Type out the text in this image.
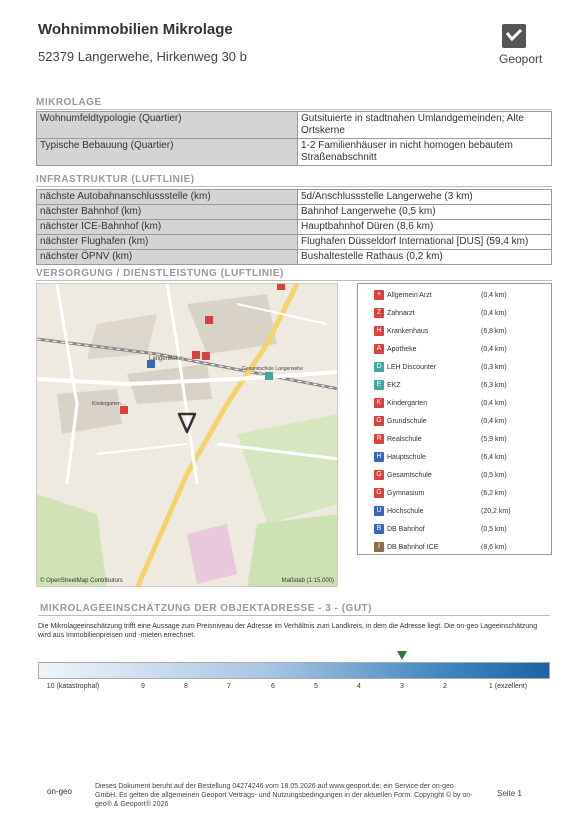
Wohnimmobilien Mikrolage
52379 Langerwehe, Hirkenweg 30 b	Geoport
MIKROLAGE
Wohnumfeldtypologie (Quartier)	Gutsituierte in stadtnahen Umlandgemeinden; Alte Ortskerne
Typische Bebauung (Quartier)	1-2 Familienhäuser in nicht homogen bebautem Straßenabschnitt
INFRASTRUKTUR (LUFTLINIE)
nächste Autobahnanschlussstelle (km)	5d/Anschlussstelle Langerwehe (3 km)
nächster Bahnhof (km)	Bahnhof Langerwehe (0,5 km)
nächster ICE-Bahnhof (km)	Hauptbahnhof Düren (8,6 km)
nächster Flughafen (km)	Flughafen Düsseldorf International [DUS] (59,4 km)
nächster ÖPNV (km)	Bushaltestelle Rathaus (0,2 km)
VERSORGUNG / DIENSTLEISTUNG (LUFTLINIE)
Langerwehe
Kindergarten ...
Gesamtschule Langerwehe
© OpenStreetMap Contributors	Maßstab (1:15.000)
+ Allgemein Arzt	(0,4 km)
Z Zahnarzt	(0,4 km)
H Krankenhaus	(6,8 km)
A Apotheke	(0,4 km)
D LEH Discounter	(0,3 km)
E EKZ	(6,3 km)
K Kindergarten	(0,4 km)
G Grundschule	(0,4 km)
R Realschule	(5,9 km)
H Hauptschule	(6,4 km)
G Gesamtschule	(0,5 km)
G Gymnasium	(6,2 km)
U Hochschule	(20,2 km)
B DB Bahnhof	(0,5 km)
I	DB Bahnhof ICE	(8,6 km)
MIKROLAGEEINSCHÄTZUNG DER OBJEKTADRESSE - 3 - (GUT)
Die Mikrolageeinschätzung trifft eine Aussage zum Preisniveau der Adresse im Verhältnis zum Landkreis, in dem die Adresse liegt. Die on-geo Lageeinschätzung wird aus Immobilienpreisen und -mieten errechnet.
10 (katastrophal)	9	8	7	6	5	4	3	2	1 (exzellent)
on-geo
Dieses Dokument beruht auf der Bestellung 04274246 vom 18.05.2026 auf www.geoport.de: ein Service der on-geo GmbH. Es gelten die allgemeinen Geoport Vertrags- und Nutzungsbedingungen in der aktuellen Form. Copyright © by on-geo® & Geoport® 2026
Seite 1
